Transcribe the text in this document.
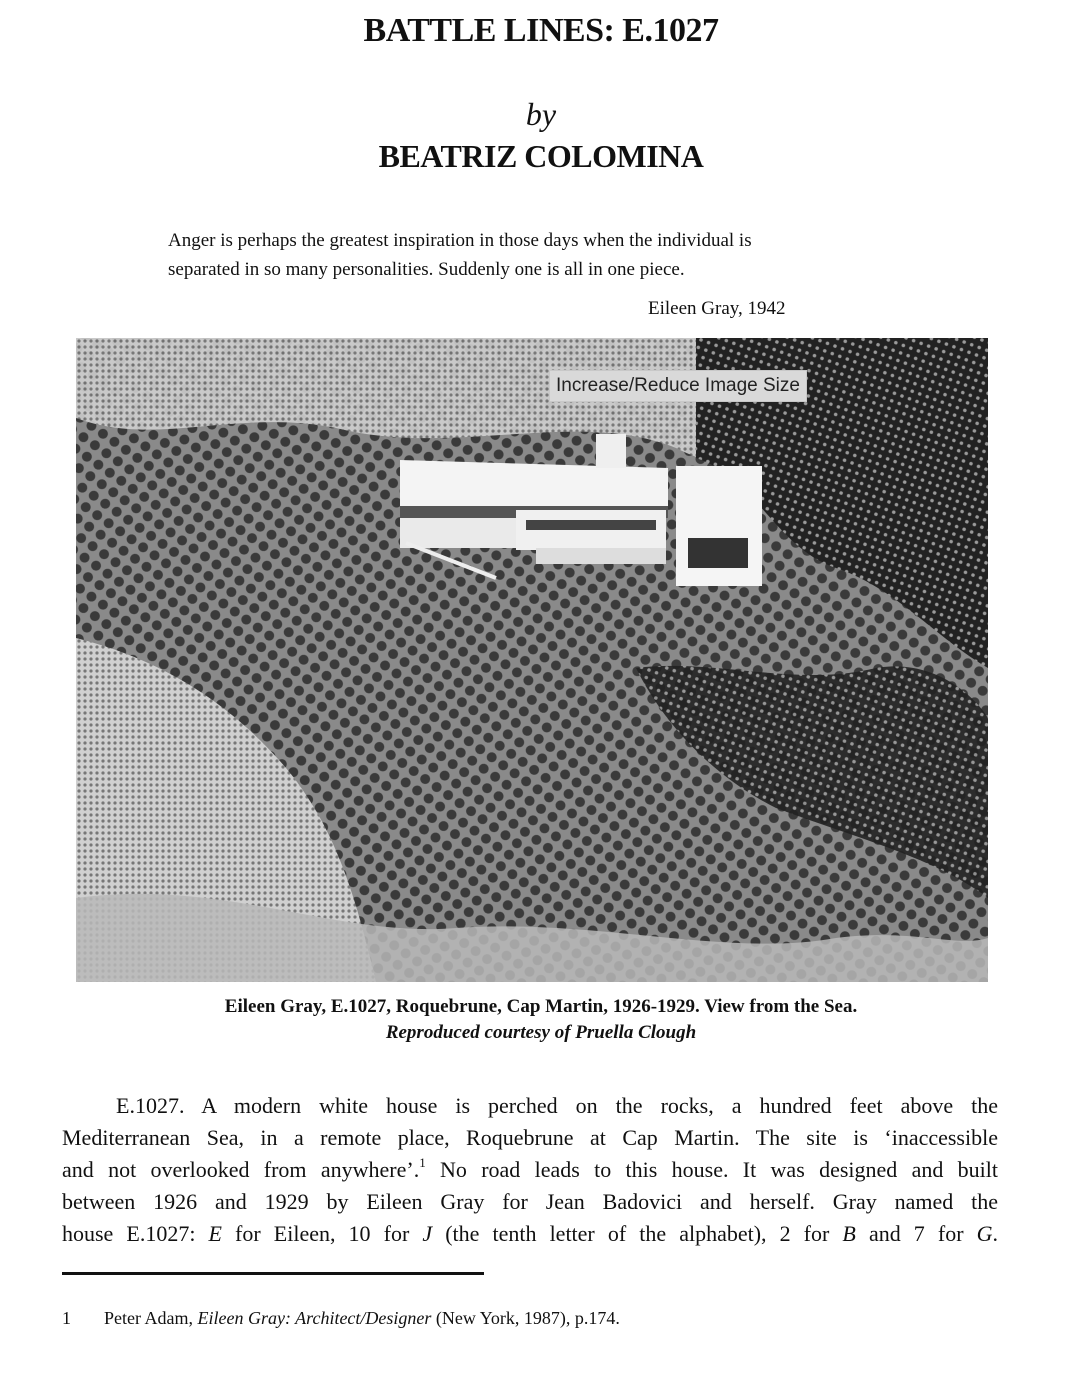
BATTLE LINES: E.1027
by
BEATRIZ COLOMINA
Anger is perhaps the greatest inspiration in those days when the individual is
separated in so many personalities. Suddenly one is all in one piece.
Eileen Gray, 1942
Increase/Reduce Image Size
Eileen Gray, E.1027, Roquebrune, Cap Martin, 1926-1929. View from the Sea.
Reproduced courtesy of Pruella Clough
E.1027. A modern white house is perched on the rocks, a hundred feet above the
Mediterranean Sea, in a remote place, Roquebrune at Cap Martin. The site is ‘inaccessible
and not overlooked from anywhere’.$^1$ No road leads to this house. It was designed and built
between 1926 and 1929 by Eileen Gray for Jean Badovici and herself. Gray named the
house E.1027: E for Eileen, 10 for J (the tenth letter of the alphabet), 2 for B and 7 for G.
1 Peter Adam, Eileen Gray: Architect/Designer (New York, 1987), p.174.
